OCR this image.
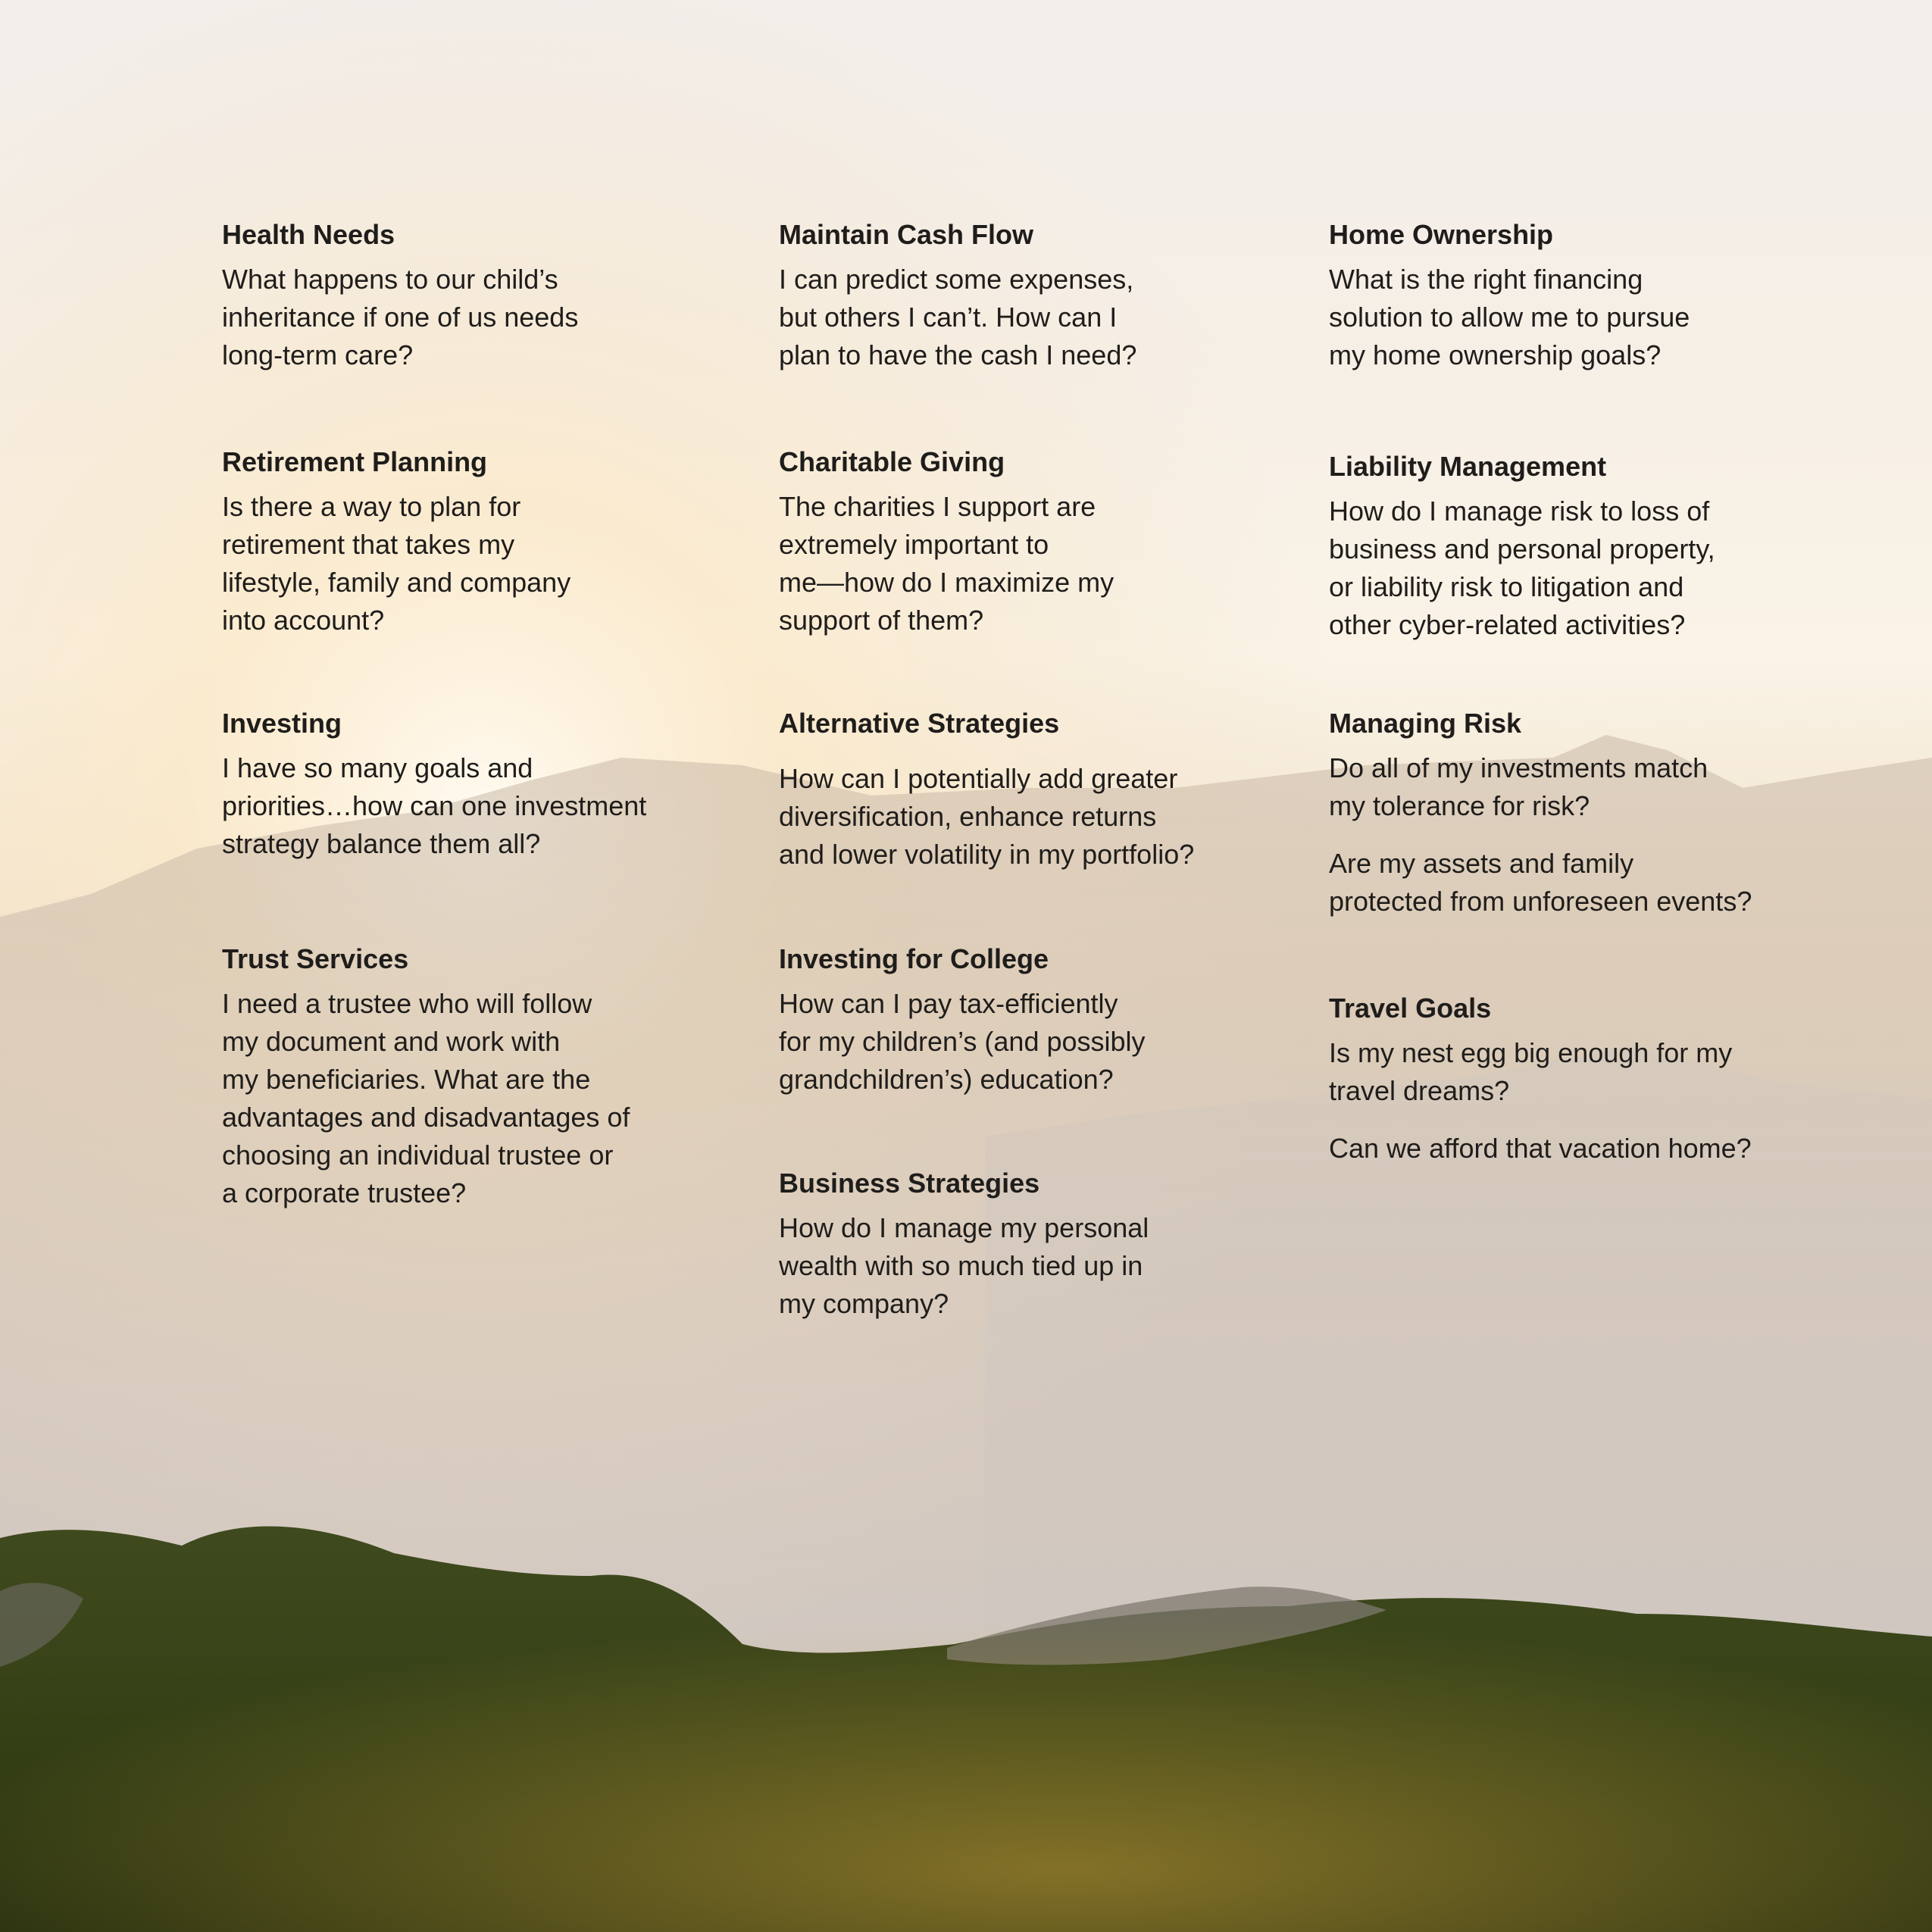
Health Needs

What happens to our child’s
inheritance if one of us needs
long-term care?

Retirement Planning

Is there a way to plan for
retirement that takes my
lifestyle, family and company
into account?

Investing

I have so many goals and
priorities…how can one investment
strategy balance them all?

Trust Services

I need a trustee who will follow
my document and work with
my beneficiaries. What are the
advantages and disadvantages of
choosing an individual trustee or
a corporate trustee?

Maintain Cash Flow

I can predict some expenses,
but others I can’t. How can I
plan to have the cash I need?

Charitable Giving

The charities I support are
extremely important to
me—how do I maximize my
support of them?

Alternative Strategies

How can I potentially add greater
diversification, enhance returns
and lower volatility in my portfolio?

Investing for College

How can I pay tax-efficiently
for my children’s (and possibly
grandchildren’s) education?

Business Strategies

How do I manage my personal
wealth with so much tied up in
my company?

Home Ownership

What is the right financing
solution to allow me to pursue
my home ownership goals?

Liability Management

How do I manage risk to loss of
business and personal property,
or liability risk to litigation and
other cyber-related activities?

Managing Risk

Do all of my investments match
my tolerance for risk?

Are my assets and family
protected from unforeseen events?

Travel Goals

Is my nest egg big enough for my
travel dreams?

Can we afford that vacation home?
